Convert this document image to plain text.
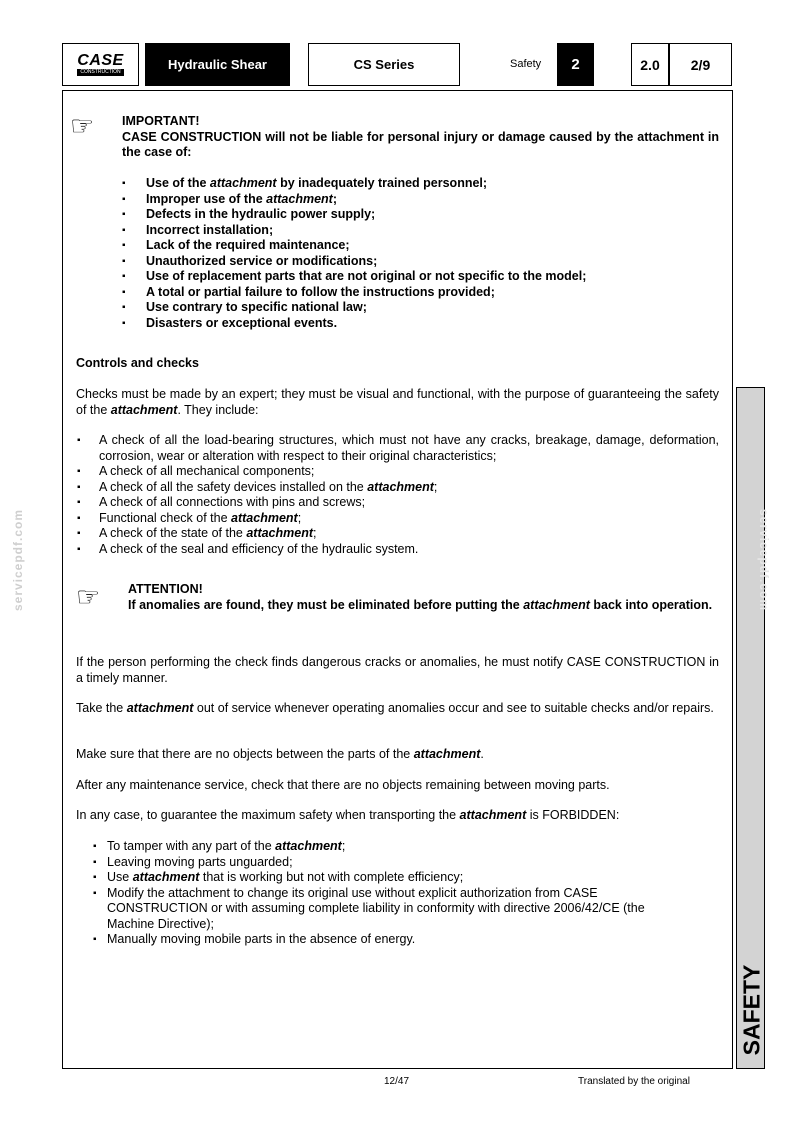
CASE
CONSTRUCTION	Hydraulic Shear	CS Series	Safety	2	2.0	2/9
SAFETY
servicepdf.com	servicepdf.com
☞ IMPORTANT!
CASE CONSTRUCTION will not be liable for personal injury or damage caused by the attachment in the case of:
▪ Use of the attachment by inadequately trained personnel;
▪ Improper use of the attachment;
▪ Defects in the hydraulic power supply;
▪ Incorrect installation;
▪ Lack of the required maintenance;
▪ Unauthorized service or modifications;
▪ Use of replacement parts that are not original or not specific to the model;
▪ A total or partial failure to follow the instructions provided;
▪ Use contrary to specific national law;
▪ Disasters or exceptional events.
Controls and checks

Checks must be made by an expert; they must be visual and functional, with the purpose of guaranteeing the safety of the attachment. They include:

▪ A check of all the load-bearing structures, which must not have any cracks, breakage, damage, deformation, corrosion, wear or alteration with respect to their original characteristics;
▪ A check of all mechanical components;
▪ A check of all the safety devices installed on the attachment;
▪ A check of all connections with pins and screws;
▪ Functional check of the attachment;
▪ A check of the state of the attachment;
▪ A check of the seal and efficiency of the hydraulic system.
☞ ATTENTION!
If anomalies are found, they must be eliminated before putting the attachment back into operation.

If the person performing the check finds dangerous cracks or anomalies, he must notify CASE CONSTRUCTION in a timely manner.

Take the attachment out of service whenever operating anomalies occur and see to suitable checks and/or repairs.

Make sure that there are no objects between the parts of the attachment.

After any maintenance service, check that there are no objects remaining between moving parts.

In any case, to guarantee the maximum safety when transporting the attachment is FORBIDDEN:

▪ To tamper with any part of the attachment;
▪ Leaving moving parts unguarded;
▪ Use attachment that is working but not with complete efficiency;
▪ Modify the attachment to change its original use without explicit authorization from CASE CONSTRUCTION or with assuming complete liability in conformity with directive 2006/42/CE (the Machine Directive);
▪ Manually moving mobile parts in the absence of energy.
12/47	Translated by the original
